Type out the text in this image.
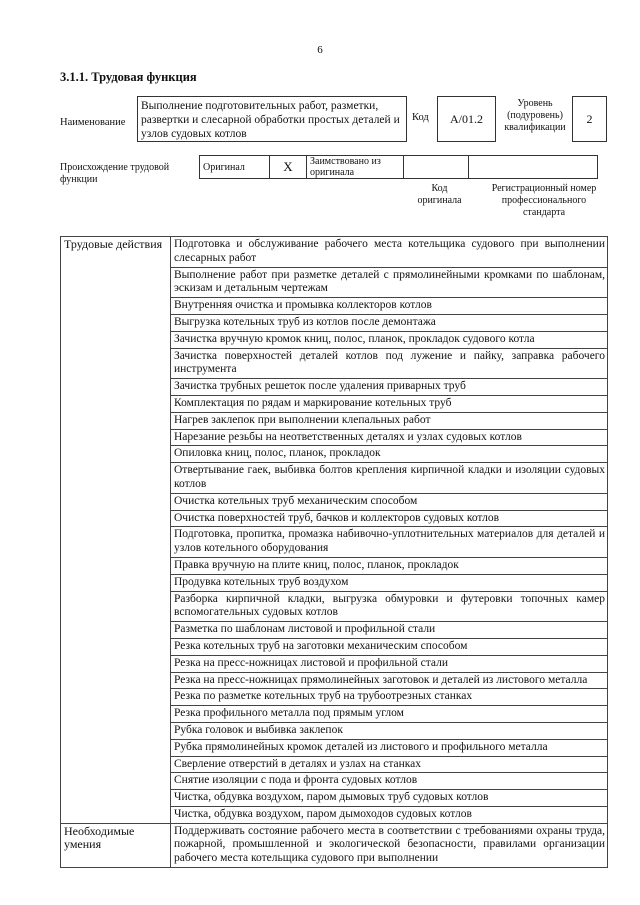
6
3.1.1. Трудовая функция
Наименование
Выполнение подготовительных работ, разметки, развертки и слесарной обработки простых деталей и узлов судовых котлов
Код	A/01.2
Уровень (подуровень) квалификации
2
Происхождение трудовой функции
Оригинал	X	Заимствовано из оригинала		
Код оригинала
Регистрационный номер профессионального стандарта
Трудовые действия	Подготовка и обслуживание рабочего места котельщика судового при выполнении слесарных работ
	Выполнение работ при разметке деталей с прямолинейными кромками по шаблонам, эскизам и детальным чертежам
	Внутренняя очистка и промывка коллекторов котлов
	Выгрузка котельных труб из котлов после демонтажа
	Зачистка вручную кромок книц, полос, планок, прокладок судового котла
	Зачистка поверхностей деталей котлов под лужение и пайку, заправка рабочего инструмента
	Зачистка трубных решеток после удаления приварных труб
	Комплектация по рядам и маркирование котельных труб
	Нагрев заклепок при выполнении клепальных работ
	Нарезание резьбы на неответственных деталях и узлах судовых котлов
	Опиловка книц, полос, планок, прокладок
	Отвертывание гаек, выбивка болтов крепления кирпичной кладки и изоляции судовых котлов
	Очистка котельных труб механическим способом
	Очистка поверхностей труб, бачков и коллекторов судовых котлов
	Подготовка, пропитка, промазка набивочно-уплотнительных материалов для деталей и узлов котельного оборудования
	Правка вручную на плите книц, полос, планок, прокладок
	Продувка котельных труб воздухом
	Разборка кирпичной кладки, выгрузка обмуровки и футеровки топочных камер вспомогательных судовых котлов
	Разметка по шаблонам листовой и профильной стали
	Резка котельных труб на заготовки механическим способом
	Резка на пресс-ножницах листовой и профильной стали
	Резка на пресс-ножницах прямолинейных заготовок и деталей из листового металла
	Резка по разметке котельных труб на трубоотрезных станках
	Резка профильного металла под прямым углом
	Рубка головок и выбивка заклепок
	Рубка прямолинейных кромок деталей из листового и профильного металла
	Сверление отверстий в деталях и узлах на станках
	Снятие изоляции с пода и фронта судовых котлов
	Чистка, обдувка воздухом, паром дымовых труб судовых котлов
	Чистка, обдувка воздухом, паром дымоходов судовых котлов
Необходимые умения	Поддерживать состояние рабочего места в соответствии с требованиями охраны труда, пожарной, промышленной и экологической безопасности, правилами организации рабочего места котельщика судового при выполнении
